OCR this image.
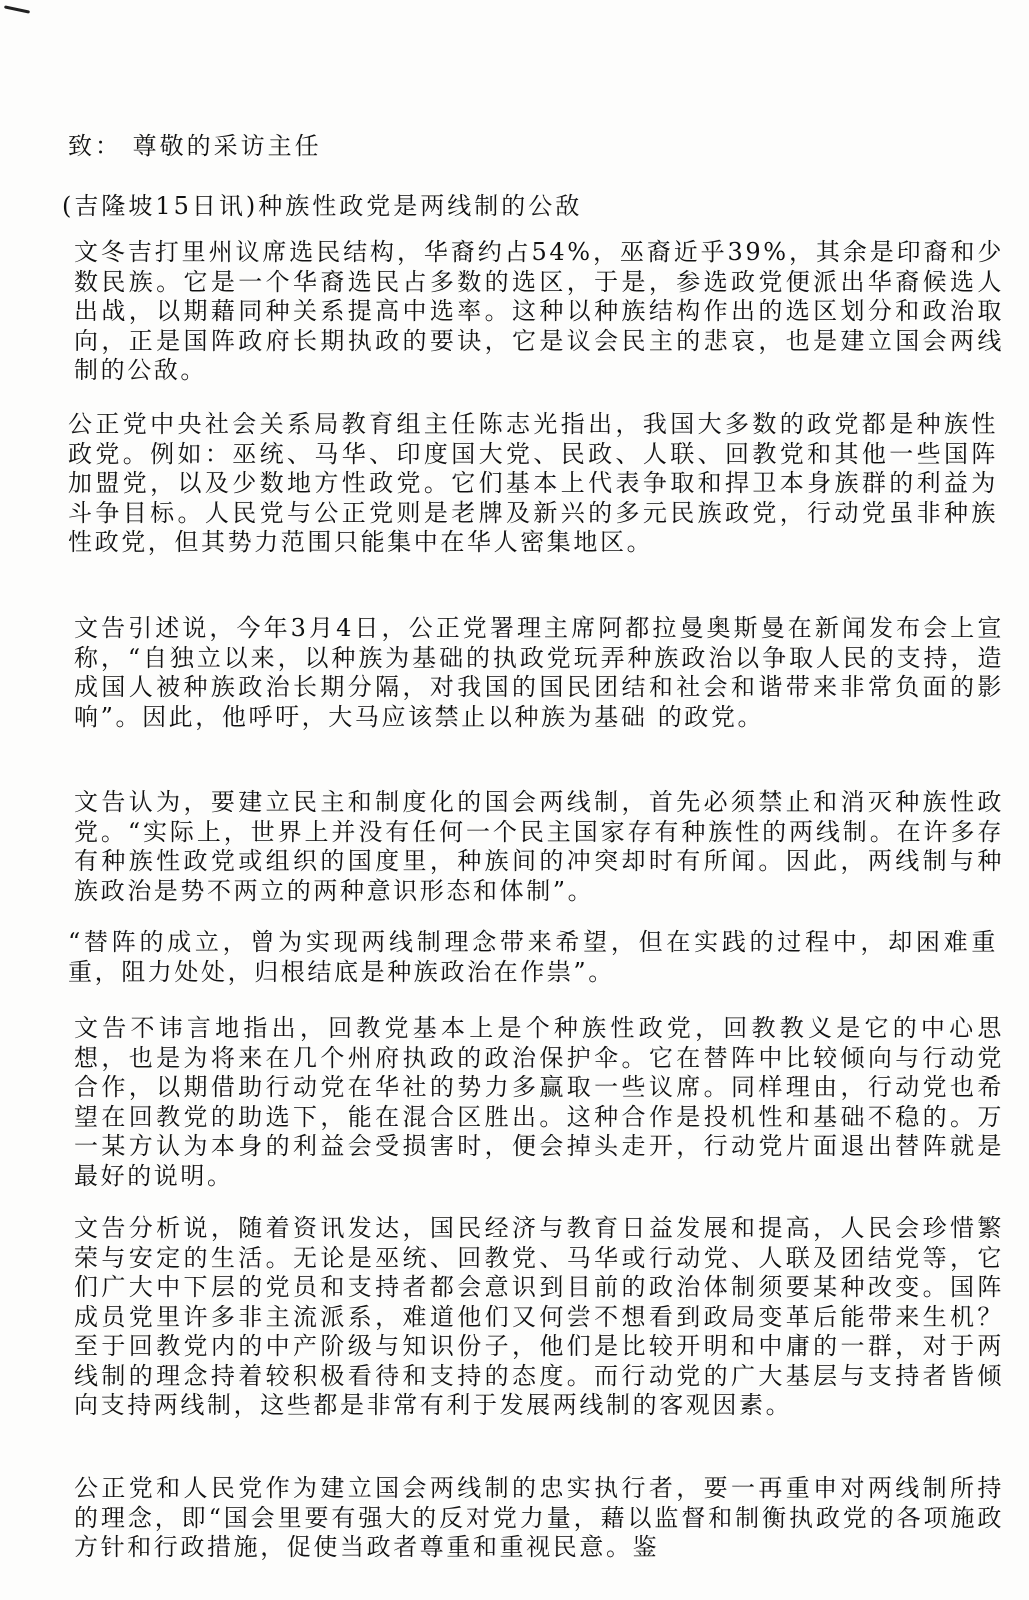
致： 尊敬的采访主任
(吉隆坡15日讯)种族性政党是两线制的公敌
文冬吉打里州议席选民结构，华裔约占54%，巫裔近乎39%，其余是印裔和少数民族。它是一个华裔选民占多数的选区，于是，参选政党便派出华裔候选人出战，以期藉同种关系提高中选率。这种以种族结构作出的选区划分和政治取向，正是国阵政府长期执政的要诀，它是议会民主的悲哀，也是建立国会两线制的公敌。
公正党中央社会关系局教育组主任陈志光指出，我国大多数的政党都是种族性政党。例如：巫统、马华、印度国大党、民政、人联、回教党和其他一些国阵加盟党，以及少数地方性政党。它们基本上代表争取和捍卫本身族群的利益为斗争目标。人民党与公正党则是老牌及新兴的多元民族政党，行动党虽非种族性政党，但其势力范围只能集中在华人密集地区。
文告引述说，今年3月4日，公正党署理主席阿都拉曼奥斯曼在新闻发布会上宣称，“自独立以来，以种族为基础的执政党玩弄种族政治以争取人民的支持，造成国人被种族政治长期分隔，对我国的国民团结和社会和谐带来非常负面的影响”。因此，他呼吁，大马应该禁止以种族为基础 的政党。
文告认为，要建立民主和制度化的国会两线制，首先必须禁止和消灭种族性政党。“实际上，世界上并没有任何一个民主国家存有种族性的两线制。在许多存有种族性政党或组织的国度里，种族间的冲突却时有所闻。因此，两线制与种族政治是势不两立的两种意识形态和体制”。
“替阵的成立，曾为实现两线制理念带来希望，但在实践的过程中，却困难重重，阻力处处，归根结底是种族政治在作祟”。
文告不讳言地指出，回教党基本上是个种族性政党，回教教义是它的中心思想，也是为将来在几个州府执政的政治保护伞。它在替阵中比较倾向与行动党合作，以期借助行动党在华社的势力多赢取一些议席。同样理由，行动党也希望在回教党的助选下，能在混合区胜出。这种合作是投机性和基础不稳的。万一某方认为本身的利益会受损害时，便会掉头走开，行动党片面退出替阵就是最好的说明。
文告分析说，随着资讯发达，国民经济与教育日益发展和提高，人民会珍惜繁荣与安定的生活。无论是巫统、回教党、马华或行动党、人联及团结党等，它们广大中下层的党员和支持者都会意识到目前的政治体制须要某种改变。国阵成员党里许多非主流派系，难道他们又何尝不想看到政局变革后能带来生机？ 至于回教党内的中产阶级与知识份子，他们是比较开明和中庸的一群，对于两线制的理念持着较积极看待和支持的态度。而行动党的广大基层与支持者皆倾向支持两线制，这些都是非常有利于发展两线制的客观因素。
公正党和人民党作为建立国会两线制的忠实执行者，要一再重申对两线制所持的理念，即“国会里要有强大的反对党力量，藉以监督和制衡执政党的各项施政方针和行政措施，促使当政者尊重和重视民意。鉴
